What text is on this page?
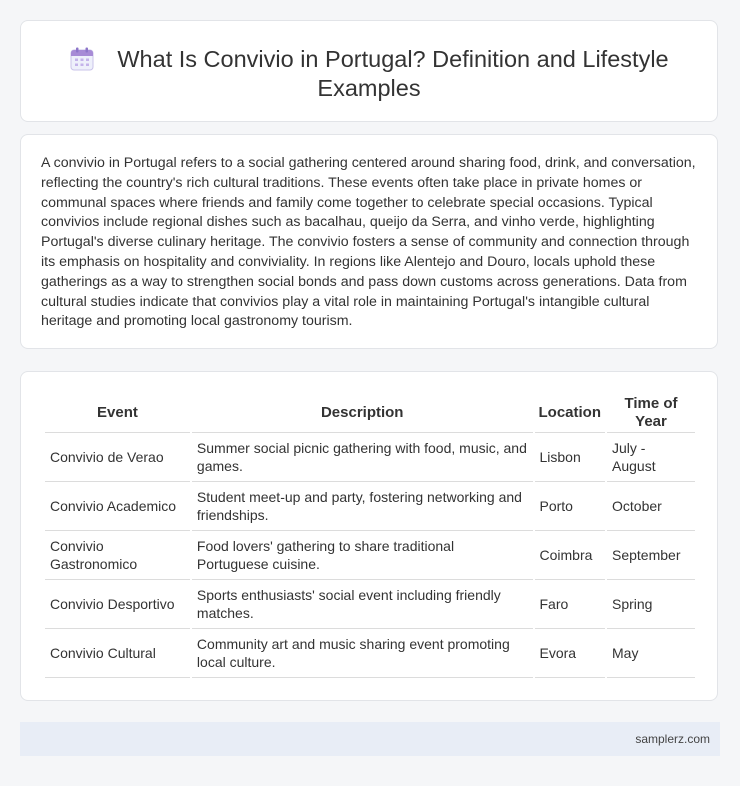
What Is Convivio in Portugal? Definition and Lifestyle Examples

A convivio in Portugal refers to a social gathering centered around sharing food, drink, and conversation, reflecting the country's rich cultural traditions. These events often take place in private homes or communal spaces where friends and family come together to celebrate special occasions. Typical convivios include regional dishes such as bacalhau, queijo da Serra, and vinho verde, highlighting Portugal's diverse culinary heritage. The convivio fosters a sense of community and connection through its emphasis on hospitality and conviviality. In regions like Alentejo and Douro, locals uphold these gatherings as a way to strengthen social bonds and pass down customs across generations. Data from cultural studies indicate that convivios play a vital role in maintaining Portugal's intangible cultural heritage and promoting local gastronomy tourism.

Event	Description	Location	Time of Year
Convivio de Verao	Summer social picnic gathering with food, music, and games.	Lisbon	July - August
Convivio Academico	Student meet-up and party, fostering networking and friendships.	Porto	October
Convivio Gastronomico	Food lovers' gathering to share traditional Portuguese cuisine.	Coimbra	September
Convivio Desportivo	Sports enthusiasts' social event including friendly matches.	Faro	Spring
Convivio Cultural	Community art and music sharing event promoting local culture.	Evora	May
samplerz.com
